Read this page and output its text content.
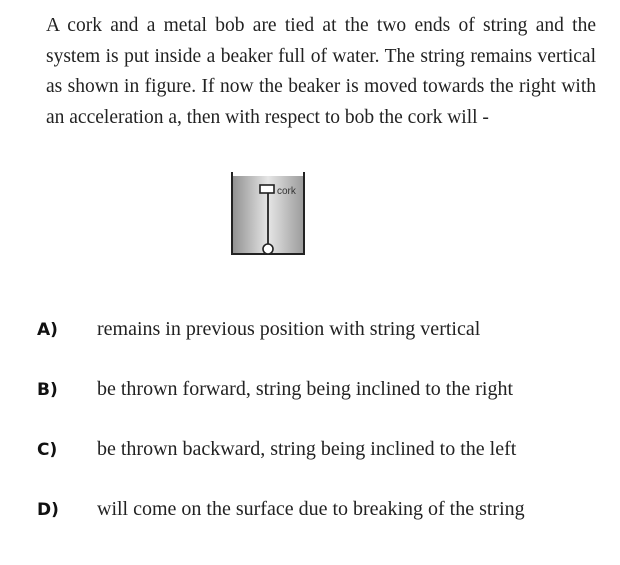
A cork and a metal bob are tied at the two ends of string and the system is put inside a beaker full of water. The string remains vertical as shown in figure. If now the beaker is moved towards the right with an acceleration a, then with respect to bob the cork will -

cork
A) remains in previous position with string vertical
B) be thrown forward, string being inclined to the right
C) be thrown backward, string being inclined to the left
D) will come on the surface due to breaking of the string
